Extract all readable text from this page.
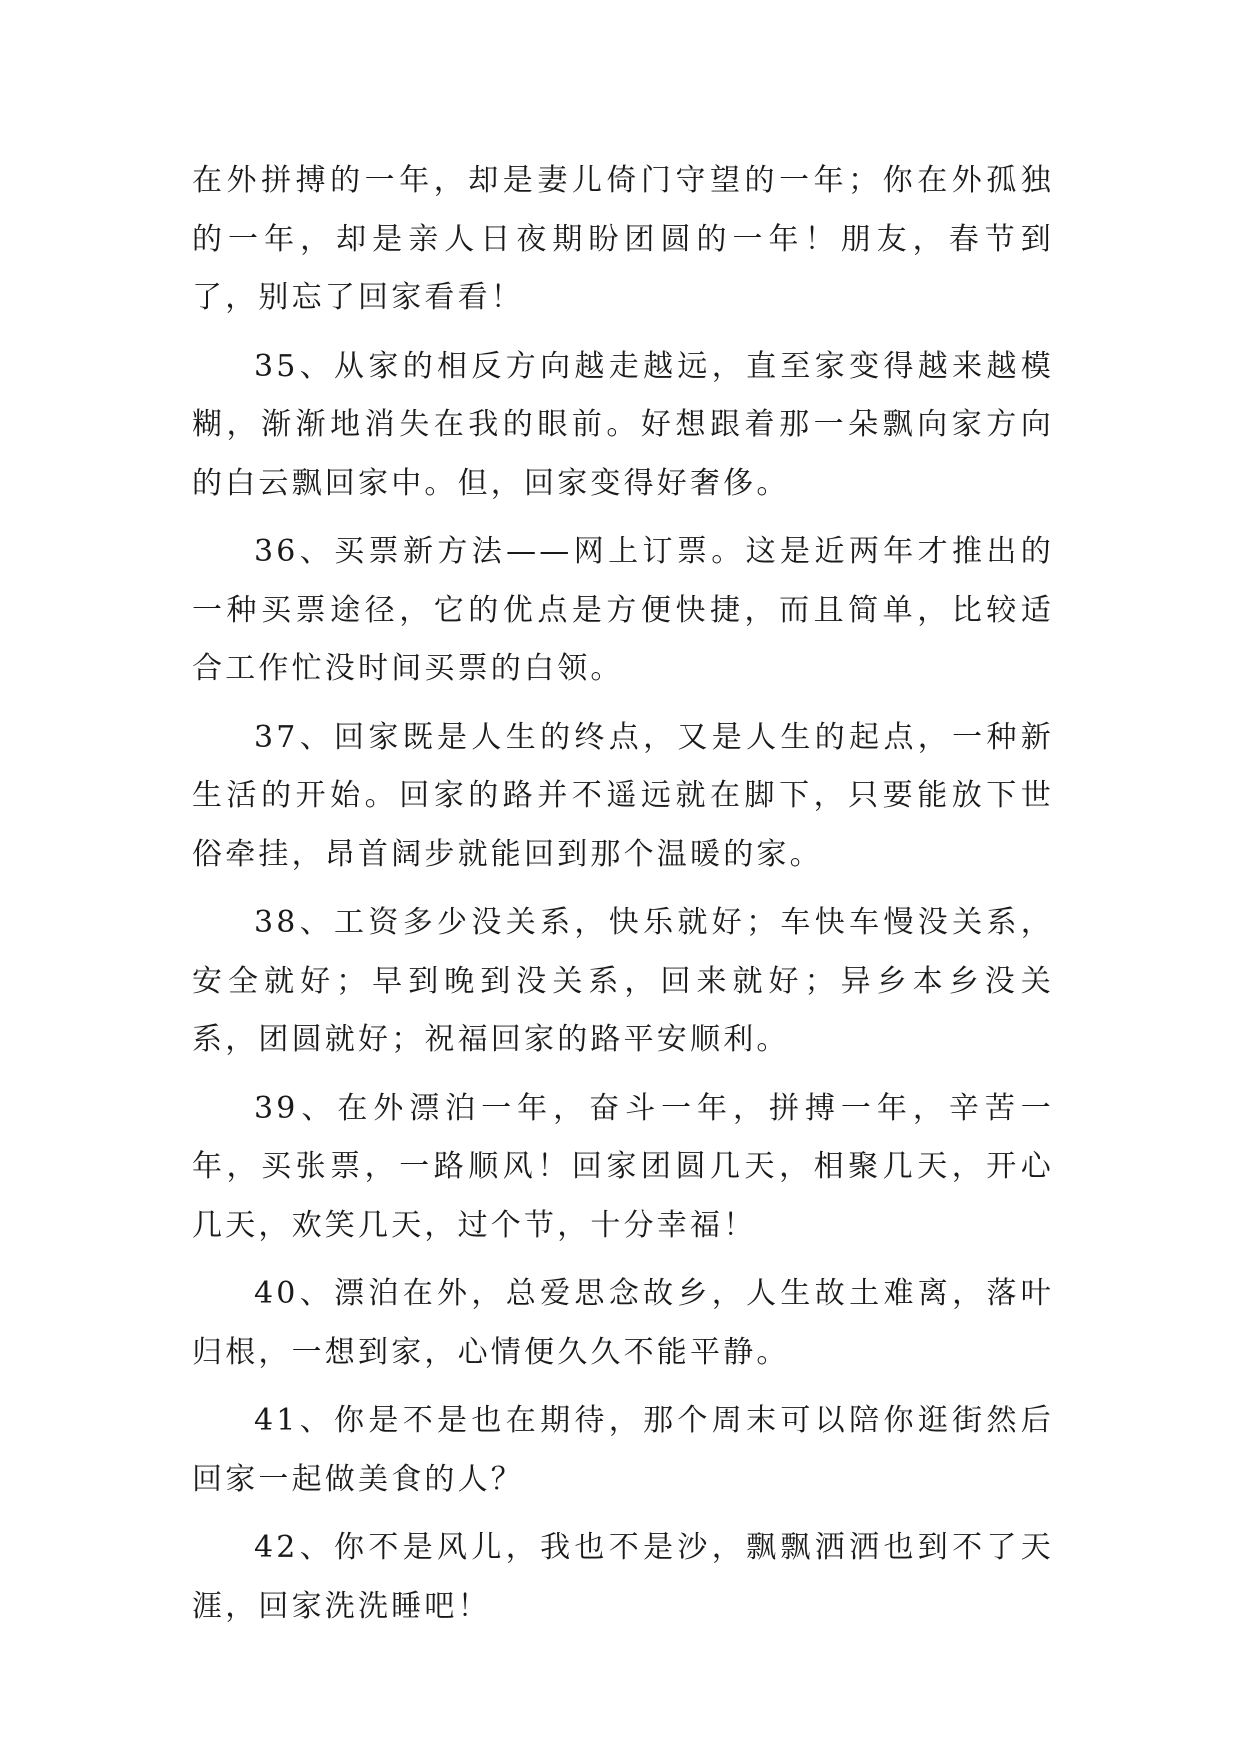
在外拼搏的一年，却是妻儿倚门守望的一年；你在外孤独的一年，却是亲人日夜期盼团圆的一年！朋友，春节到了，别忘了回家看看！

35、从家的相反方向越走越远，直至家变得越来越模糊，渐渐地消失在我的眼前。好想跟着那一朵飘向家方向的白云飘回家中。但，回家变得好奢侈。

36、买票新方法——网上订票。这是近两年才推出的一种买票途径，它的优点是方便快捷，而且简单，比较适合工作忙没时间买票的白领。

37、回家既是人生的终点，又是人生的起点，一种新生活的开始。回家的路并不遥远就在脚下，只要能放下世俗牵挂，昂首阔步就能回到那个温暖的家。

38、工资多少没关系，快乐就好；车快车慢没关系，安全就好；早到晚到没关系，回来就好；异乡本乡没关系，团圆就好；祝福回家的路平安顺利。

39、在外漂泊一年，奋斗一年，拼搏一年，辛苦一年，买张票，一路顺风！回家团圆几天，相聚几天，开心几天，欢笑几天，过个节，十分幸福！

40、漂泊在外，总爱思念故乡，人生故土难离，落叶归根，一想到家，心情便久久不能平静。

41、你是不是也在期待，那个周末可以陪你逛街然后回家一起做美食的人？

42、你不是风儿，我也不是沙，飘飘洒洒也到不了天涯，回家洗洗睡吧！
